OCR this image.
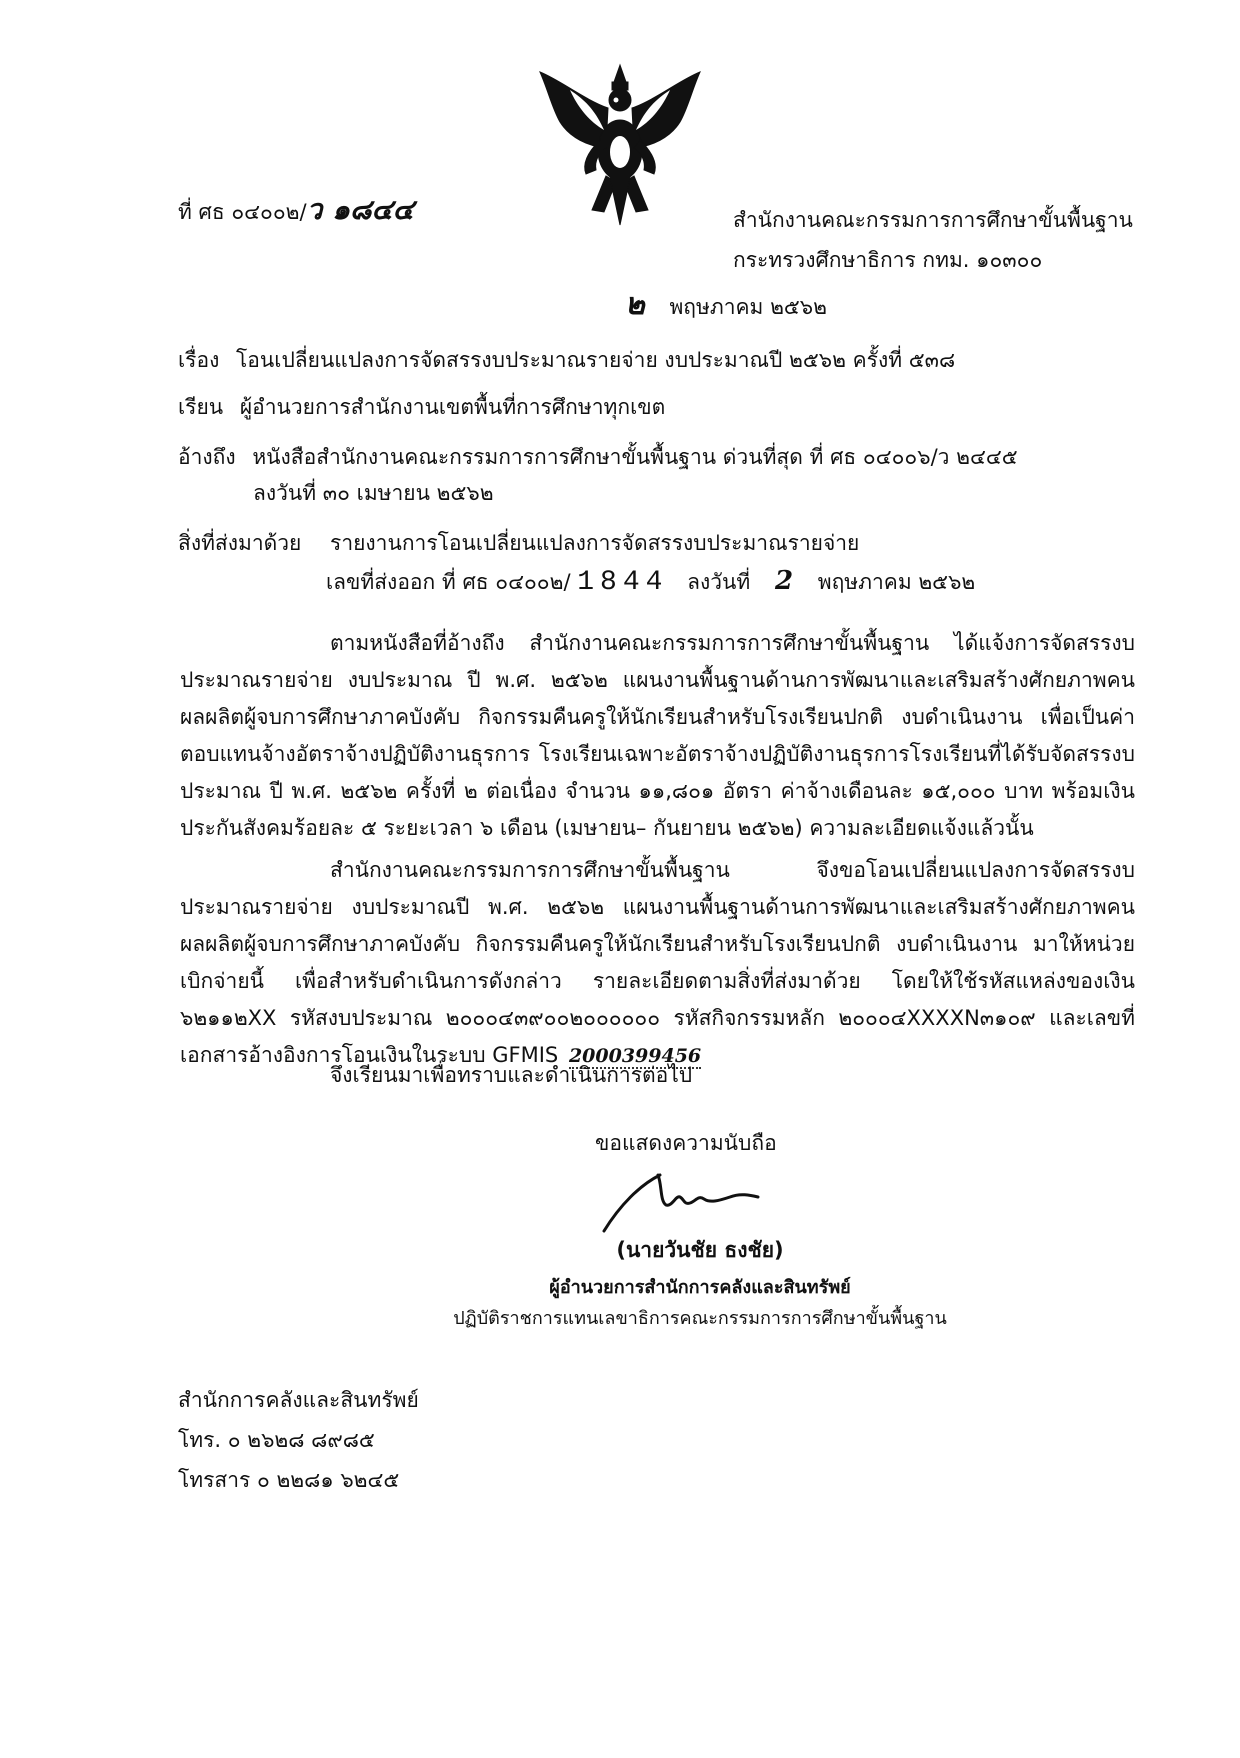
ที่ ศธ ๐๔๐๐๒/ว ๑๘๔๔	สำนักงานคณะกรรมการการศึกษาขั้นพื้นฐาน
กระทรวงศึกษาธิการ กทม. ๑๐๓๐๐
๒ พฤษภาคม ๒๕๖๒
เรื่อง โอนเปลี่ยนแปลงการจัดสรรงบประมาณรายจ่าย งบประมาณปี ๒๕๖๒ ครั้งที่ ๕๓๘
เรียน ผู้อำนวยการสำนักงานเขตพื้นที่การศึกษาทุกเขต
อ้างถึง หนังสือสำนักงานคณะกรรมการการศึกษาขั้นพื้นฐาน ด่วนที่สุด ที่ ศธ ๐๔๐๐๖/ว ๒๔๔๕
ลงวันที่ ๓๐ เมษายน ๒๕๖๒
สิ่งที่ส่งมาด้วย รายงานการโอนเปลี่ยนแปลงการจัดสรรงบประมาณรายจ่าย
เลขที่ส่งออก ที่ ศธ ๐๔๐๐๒/ 1844 ลงวันที่ 2 พฤษภาคม ๒๕๖๒

ตามหนังสือที่อ้างถึง สำนักงานคณะกรรมการการศึกษาขั้นพื้นฐาน ได้แจ้งการจัดสรรงบประมาณรายจ่าย งบประมาณ ปี พ.ศ. ๒๕๖๒ แผนงานพื้นฐานด้านการพัฒนาและเสริมสร้างศักยภาพคน ผลผลิตผู้จบการศึกษาภาคบังคับ กิจกรรมคืนครูให้นักเรียนสำหรับโรงเรียนปกติ งบดำเนินงาน เพื่อเป็นค่าตอบแทนจ้างอัตราจ้างปฏิบัติงานธุรการ โรงเรียนเฉพาะอัตราจ้างปฏิบัติงานธุรการโรงเรียนที่ได้รับจัดสรรงบประมาณ ปี พ.ศ. ๒๕๖๒ ครั้งที่ ๒ ต่อเนื่อง จำนวน ๑๑,๘๐๑ อัตรา ค่าจ้างเดือนละ ๑๕,๐๐๐ บาท พร้อมเงินประกันสังคมร้อยละ ๕ ระยะเวลา ๖ เดือน (เมษายน– กันยายน ๒๕๖๒) ความละเอียดแจ้งแล้วนั้น

สำนักงานคณะกรรมการการศึกษาขั้นพื้นฐาน จึงขอโอนเปลี่ยนแปลงการจัดสรรงบประมาณรายจ่าย งบประมาณปี พ.ศ. ๒๕๖๒ แผนงานพื้นฐานด้านการพัฒนาและเสริมสร้างศักยภาพคน ผลผลิตผู้จบการศึกษาภาคบังคับ กิจกรรมคืนครูให้นักเรียนสำหรับโรงเรียนปกติ งบดำเนินงาน มาให้หน่วยเบิกจ่ายนี้ เพื่อสำหรับดำเนินการดังกล่าว รายละเอียดตามสิ่งที่ส่งมาด้วย โดยให้ใช้รหัสแหล่งของเงิน ๖๒๑๑๒XX รหัสงบประมาณ ๒๐๐๐๔๓๙๐๐๒๐๐๐๐๐๐ รหัสกิจกรรมหลัก ๒๐๐๐๔XXXXN๓๑๐๙ และเลขที่เอกสารอ้างอิงการโอนเงินในระบบ GFMIS 2000399456

จึงเรียนมาเพื่อทราบและดำเนินการต่อไป
ขอแสดงความนับถือ
(นายวันชัย ธงชัย)
ผู้อำนวยการสำนักการคลังและสินทรัพย์
ปฏิบัติราชการแทนเลขาธิการคณะกรรมการการศึกษาขั้นพื้นฐาน
สำนักการคลังและสินทรัพย์
โทร. ๐ ๒๖๒๘ ๘๙๘๕
โทรสาร ๐ ๒๒๘๑ ๖๒๔๕
